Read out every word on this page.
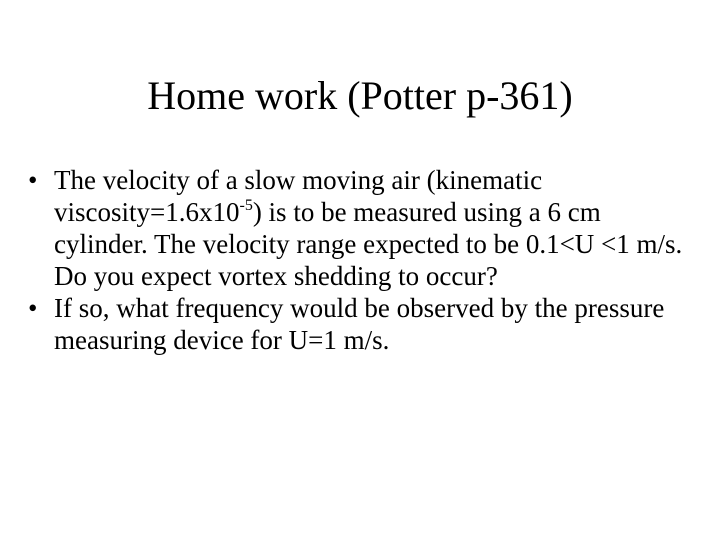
Home work (Potter p-361)
• The velocity of a slow moving air (kinematic $viscosity=1.6x10^{-5}$) is to be measured using a 6 cm cylinder. The velocity range expected to be 0.1<U <1 m/s. Do you expect vortex shedding to occur?
• If so, what frequency would be observed by the pressure measuring device for U=1 m/s.
